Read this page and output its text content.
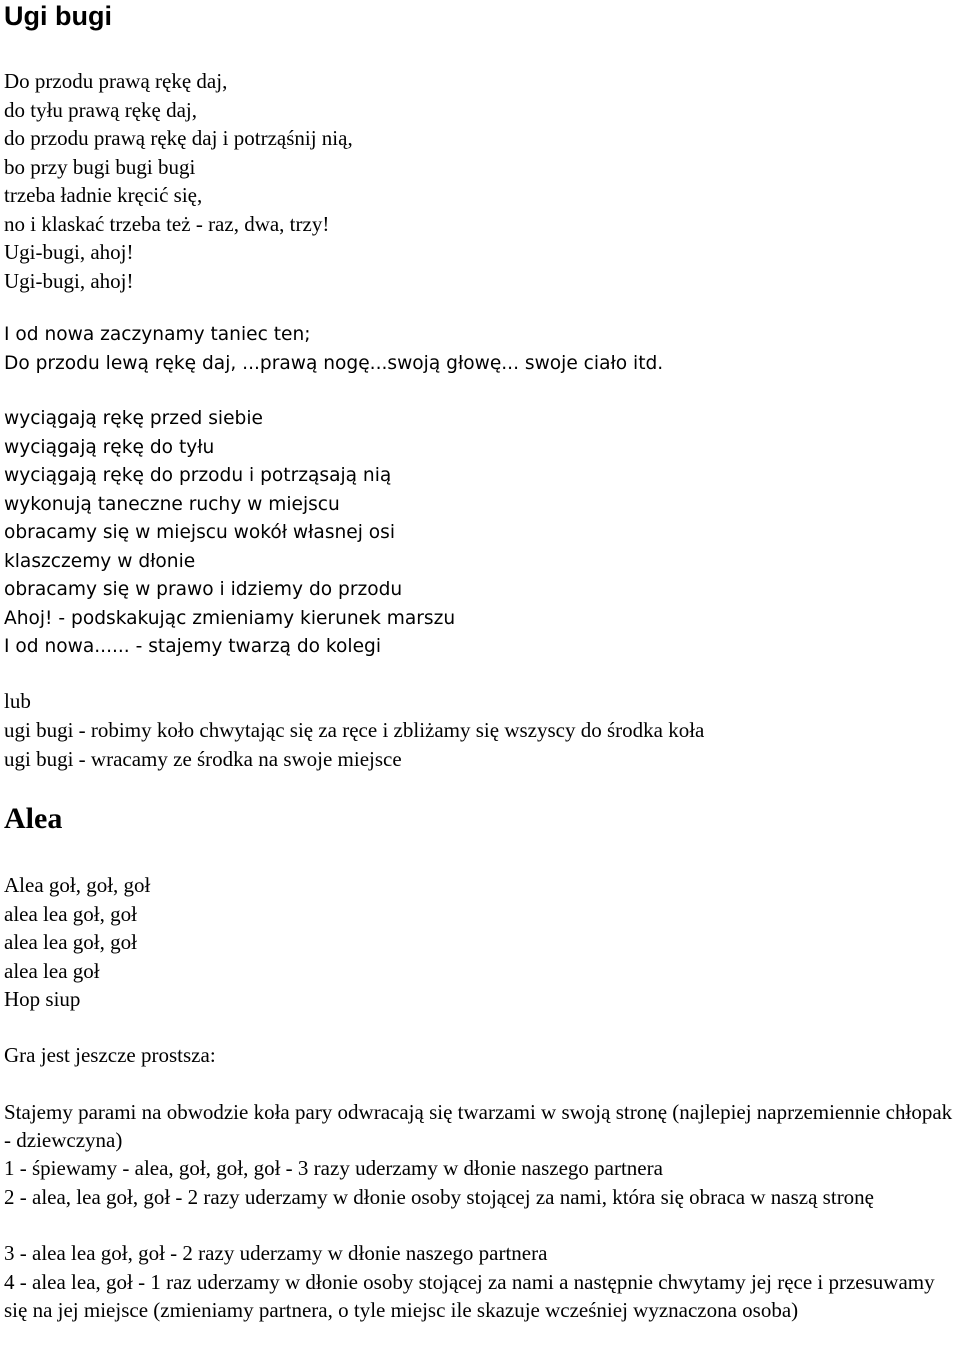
Ugi bugi
Do przodu prawą rękę daj,
do tyłu prawą rękę daj,
do przodu prawą rękę daj i potrząśnij nią,
bo przy bugi bugi bugi
trzeba ładnie kręcić się,
no i klaskać trzeba też - raz, dwa, trzy!
Ugi-bugi, ahoj!
Ugi-bugi, ahoj!
I od nowa zaczynamy taniec ten;
Do przodu lewą rękę daj, ...prawą nogę...swoją głowę... swoje ciało itd.
wyciągają rękę przed siebie
wyciągają rękę do tyłu
wyciągają rękę do przodu i potrząsają nią
wykonują taneczne ruchy w miejscu
obracamy się w miejscu wokół własnej osi
klaszczemy w dłonie
obracamy się w prawo i idziemy do przodu
Ahoj! - podskakując zmieniamy kierunek marszu
I od nowa...... - stajemy twarzą do kolegi

lub

ugi bugi - robimy koło chwytając się za ręce i zbliżamy się wszyscy do środka koła
ugi bugi - wracamy ze środka na swoje miejsce
Alea
Alea goł, goł, goł
alea lea goł, goł
alea lea goł, goł
alea lea goł
Hop siup

Gra jest jeszcze prostsza:

Stajemy parami na obwodzie koła pary odwracają się twarzami w swoją stronę (najlepiej naprzemiennie chłopak - dziewczyna)

1 - śpiewamy - alea, goł, goł, goł - 3 razy uderzamy w dłonie naszego partnera

2 - alea, lea goł, goł - 2 razy uderzamy w dłonie osoby stojącej za nami, która się obraca w naszą stronę

3 - alea lea goł, goł - 2 razy uderzamy w dłonie naszego partnera

4 - alea lea, goł - 1 raz uderzamy w dłonie osoby stojącej za nami a następnie chwytamy jej ręce i przesuwamy się na jej miejsce (zmieniamy partnera, o tyle miejsc ile skazuje wcześniej wyznaczona osoba)
